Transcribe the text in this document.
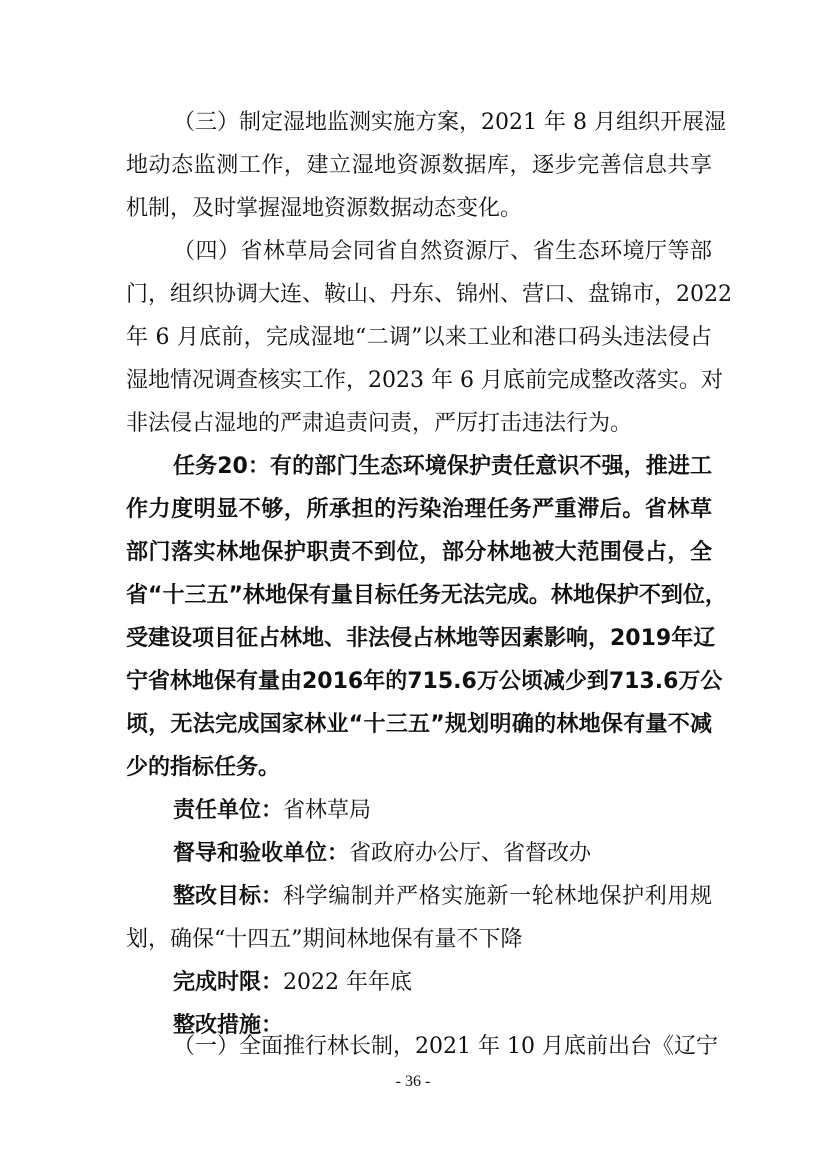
（三）制定湿地监测实施方案，2021 年 8 月组织开展湿
地动态监测工作，建立湿地资源数据库，逐步完善信息共享
机制，及时掌握湿地资源数据动态变化。
（四）省林草局会同省自然资源厅、省生态环境厅等部
门，组织协调大连、鞍山、丹东、锦州、营口、盘锦市，2022
年 6 月底前，完成湿地“二调”以来工业和港口码头违法侵占
湿地情况调查核实工作，2023 年 6 月底前完成整改落实。对
非法侵占湿地的严肃追责问责，严厉打击违法行为。
任务20：有的部门生态环境保护责任意识不强，推进工
作力度明显不够，所承担的污染治理任务严重滞后。省林草
部门落实林地保护职责不到位，部分林地被大范围侵占，全
省“十三五”林地保有量目标任务无法完成。林地保护不到位，
受建设项目征占林地、非法侵占林地等因素影响，2019年辽
宁省林地保有量由2016年的715.6万公顷减少到713.6万公
顷，无法完成国家林业“十三五”规划明确的林地保有量不减
少的指标任务。
责任单位：省林草局
督导和验收单位：省政府办公厅、省督改办
整改目标： 科学编制并严格实施新一轮林地保护利用规
划，确保“十四五”期间林地保有量不下降
完成时限：2022 年年底
整改措施：
（一）全面推行林长制，2021 年 10 月底前出台《辽宁
- 36 -
